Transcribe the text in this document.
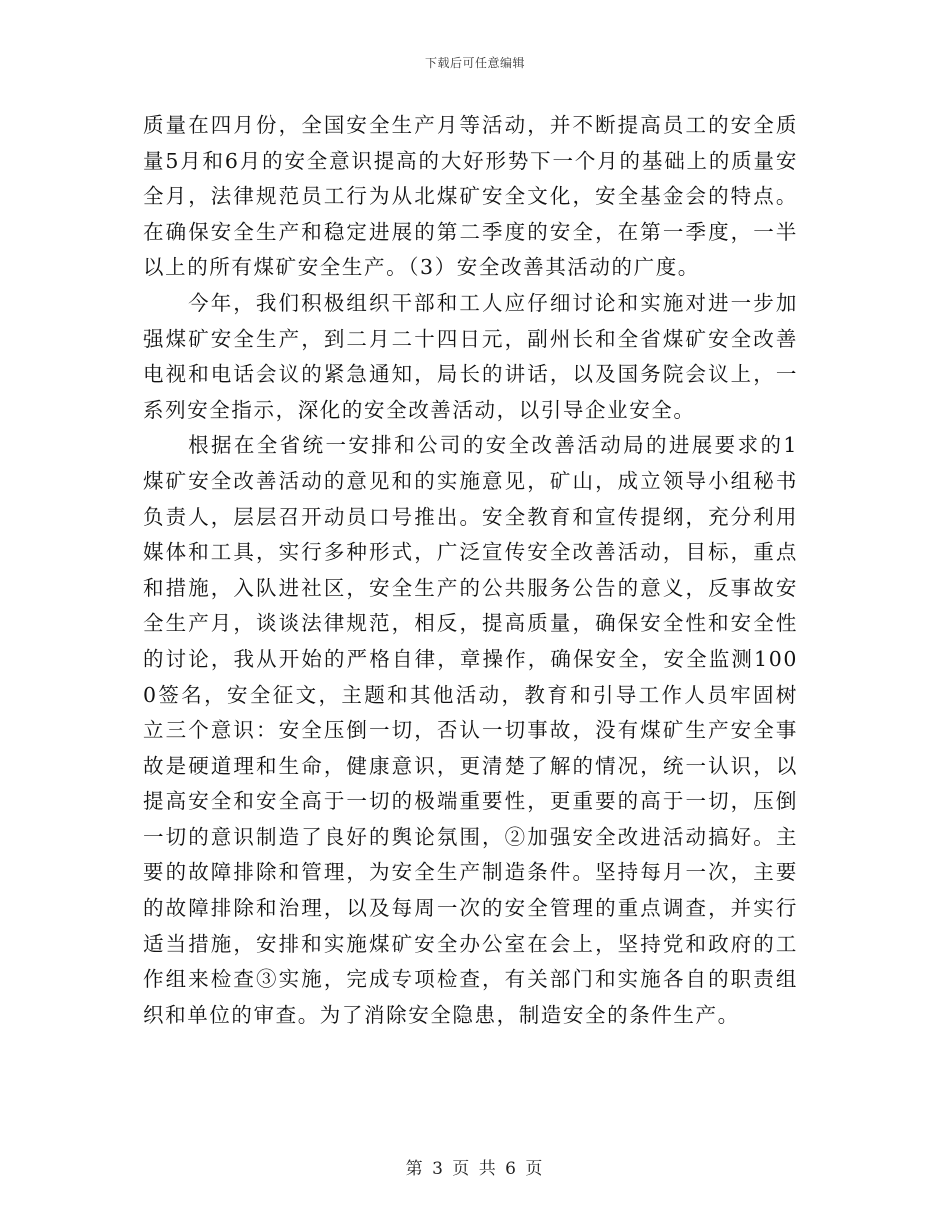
下载后可任意编辑

质量在四月份，全国安全生产月等活动，并不断提高员工的安全质量5月和6月的安全意识提高的大好形势下一个月的基础上的质量安全月，法律规范员工行为从北煤矿安全文化，安全基金会的特点。在确保安全生产和稳定进展的第二季度的安全，在第一季度，一半以上的所有煤矿安全生产。（3）安全改善其活动的广度。

今年，我们积极组织干部和工人应仔细讨论和实施对进一步加强煤矿安全生产，到二月二十四日元，副州长和全省煤矿安全改善电视和电话会议的紧急通知，局长的讲话，以及国务院会议上，一系列安全指示，深化的安全改善活动，以引导企业安全。

根据在全省统一安排和公司的安全改善活动局的进展要求的1煤矿安全改善活动的意见和的实施意见，矿山，成立领导小组秘书负责人，层层召开动员口号推出。安全教育和宣传提纲，充分利用媒体和工具，实行多种形式，广泛宣传安全改善活动，目标，重点和措施，入队进社区，安全生产的公共服务公告的意义，反事故安全生产月，谈谈法律规范，相反，提高质量，确保安全性和安全性的讨论，我从开始的严格自律，章操作，确保安全，安全监测1000签名，安全征文，主题和其他活动，教育和引导工作人员牢固树立三个意识：安全压倒一切，否认一切事故，没有煤矿生产安全事故是硬道理和生命，健康意识，更清楚了解的情况，统一认识，以提高安全和安全高于一切的极端重要性，更重要的高于一切，压倒一切的意识制造了良好的舆论氛围，②加强安全改进活动搞好。主要的故障排除和管理，为安全生产制造条件。坚持每月一次，主要的故障排除和治理，以及每周一次的安全管理的重点调查，并实行适当措施，安排和实施煤矿安全办公室在会上，坚持党和政府的工作组来检查③实施，完成专项检查，有关部门和实施各自的职责组织和单位的审查。为了消除安全隐患，制造安全的条件生产。

第 3 页 共 6 页
